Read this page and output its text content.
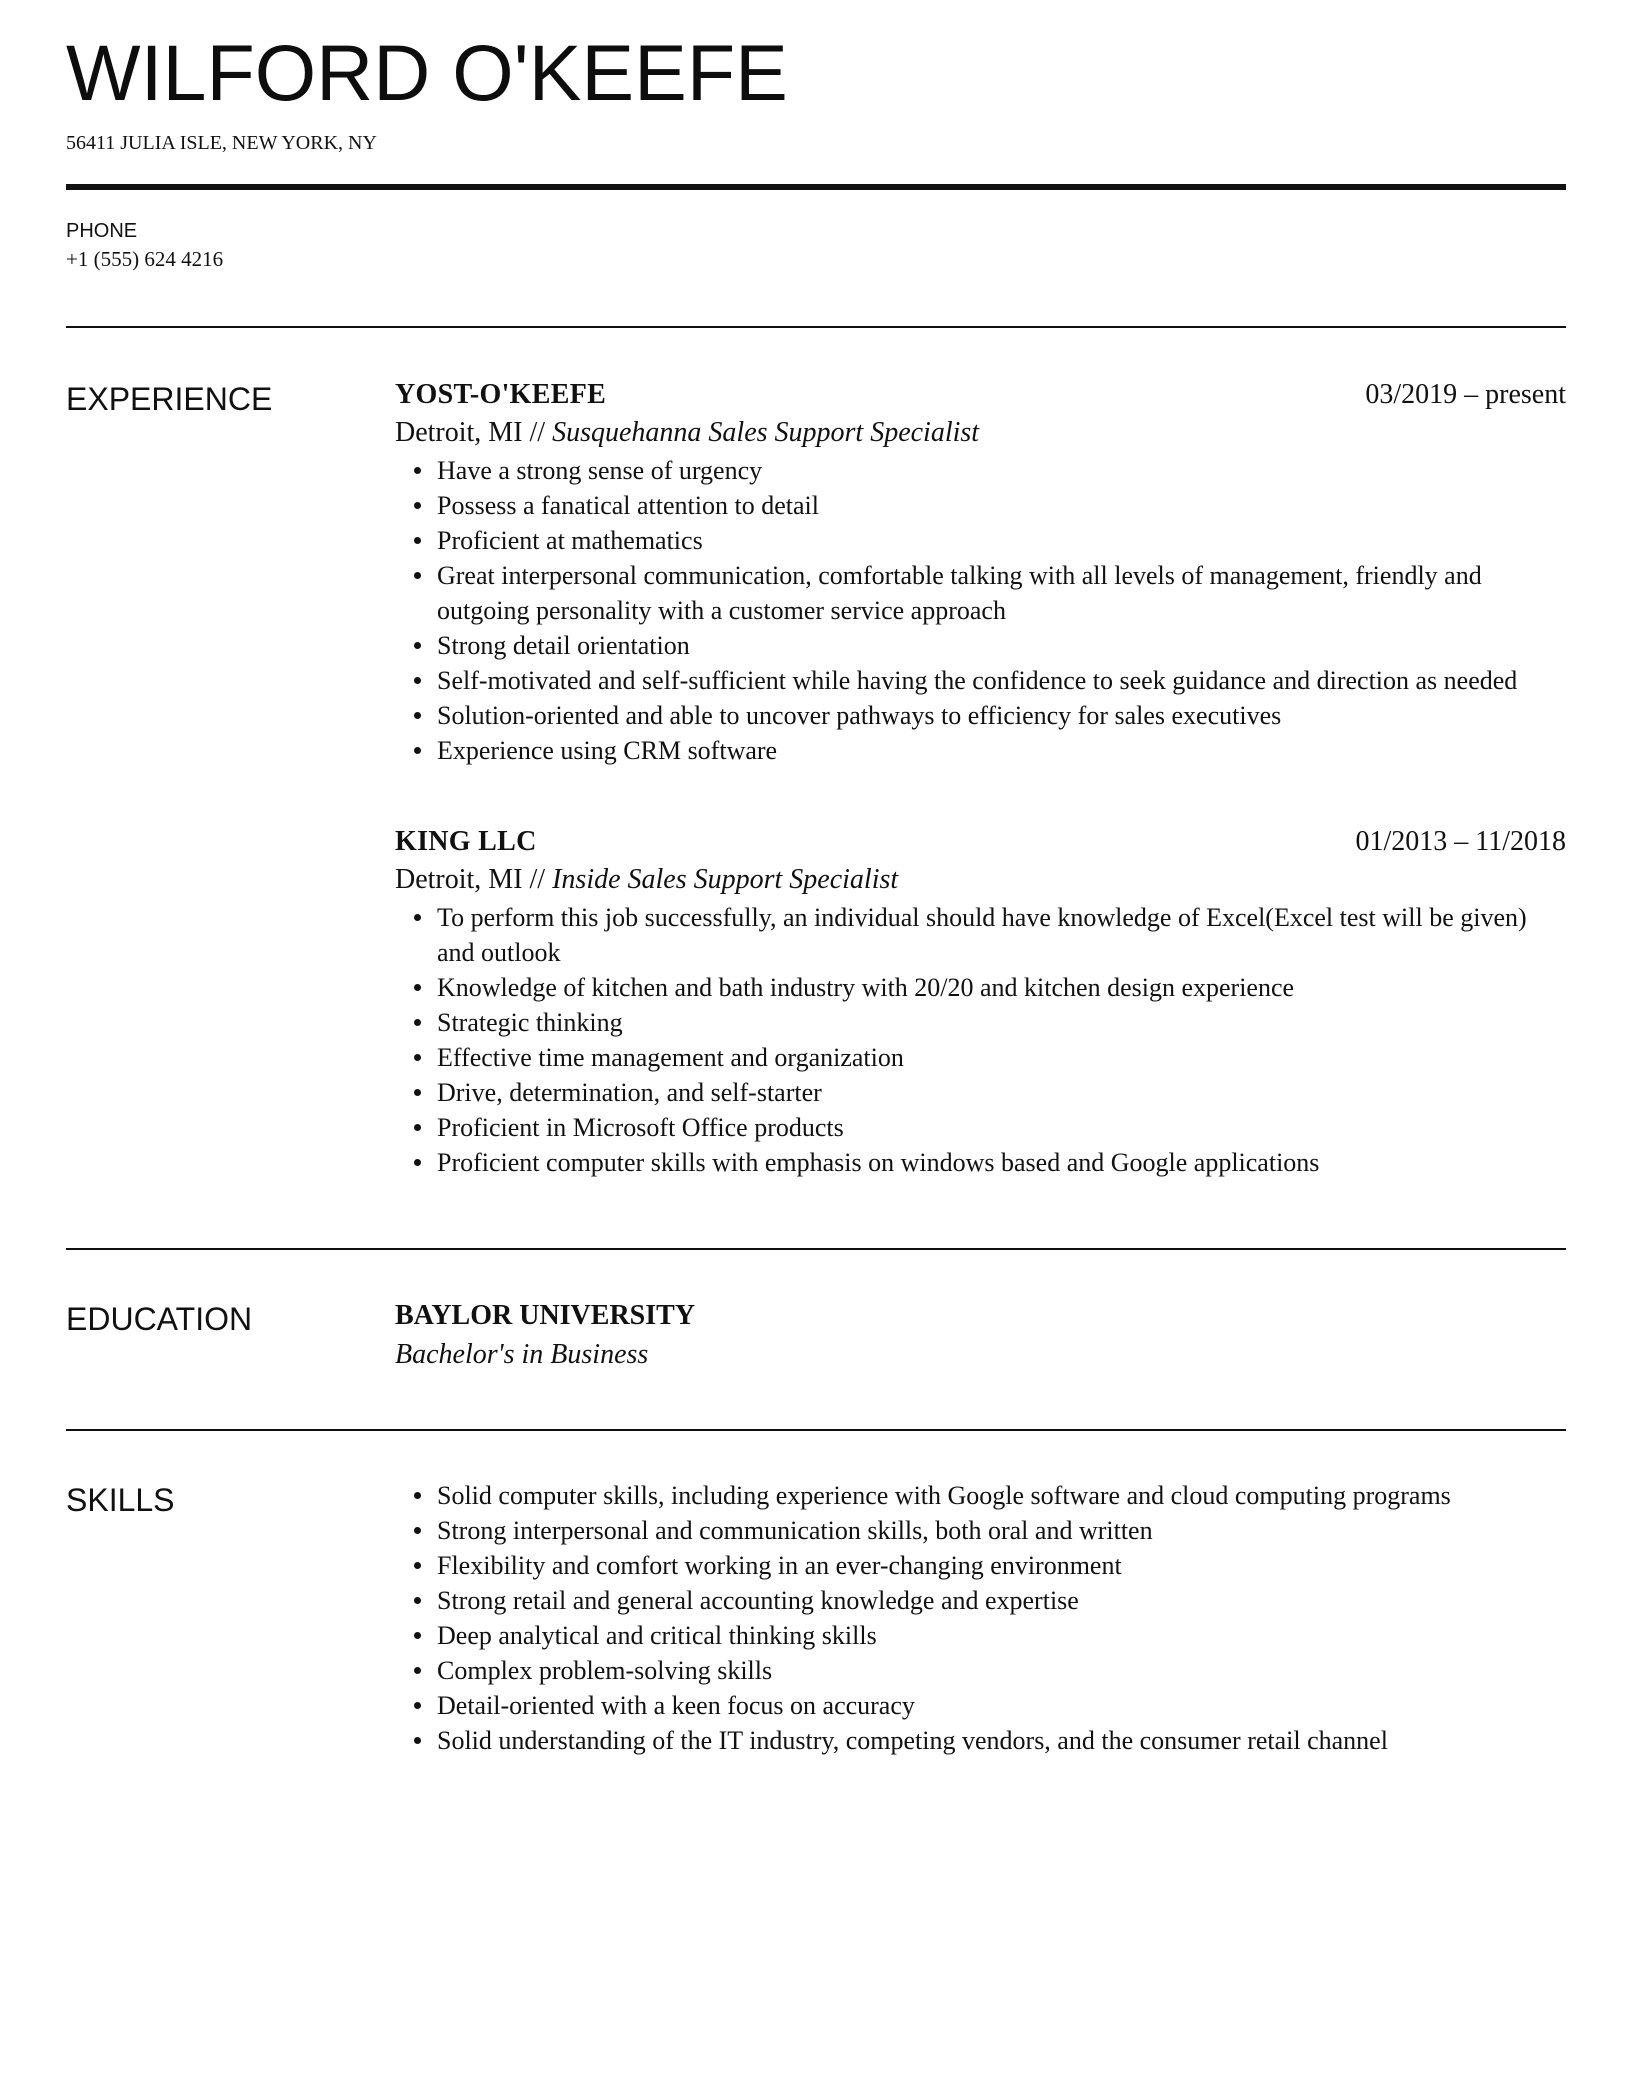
WILFORD O'KEEFE
56411 JULIA ISLE, NEW YORK, NY
PHONE
+1 (555) 624 4216
EXPERIENCE	YOST-O'KEEFE	03/2019 – present
Detroit, MI // Susquehanna Sales Support Specialist
Have a strong sense of urgency
Possess a fanatical attention to detail
Proficient at mathematics
Great interpersonal communication, comfortable talking with all levels of management, friendly and outgoing personality with a customer service approach
Strong detail orientation
Self-motivated and self-sufficient while having the confidence to seek guidance and direction as needed
Solution-oriented and able to uncover pathways to efficiency for sales executives
Experience using CRM software
KING LLC	01/2013 – 11/2018
Detroit, MI // Inside Sales Support Specialist
To perform this job successfully, an individual should have knowledge of Excel(Excel test will be given) and outlook
Knowledge of kitchen and bath industry with 20/20 and kitchen design experience
Strategic thinking
Effective time management and organization
Drive, determination, and self-starter
Proficient in Microsoft Office products
Proficient computer skills with emphasis on windows based and Google applications
EDUCATION	BAYLOR UNIVERSITY
Bachelor's in Business
SKILLS	Solid computer skills, including experience with Google software and cloud computing programs
Strong interpersonal and communication skills, both oral and written
Flexibility and comfort working in an ever-changing environment
Strong retail and general accounting knowledge and expertise
Deep analytical and critical thinking skills
Complex problem-solving skills
Detail-oriented with a keen focus on accuracy
Solid understanding of the IT industry, competing vendors, and the consumer retail channel
